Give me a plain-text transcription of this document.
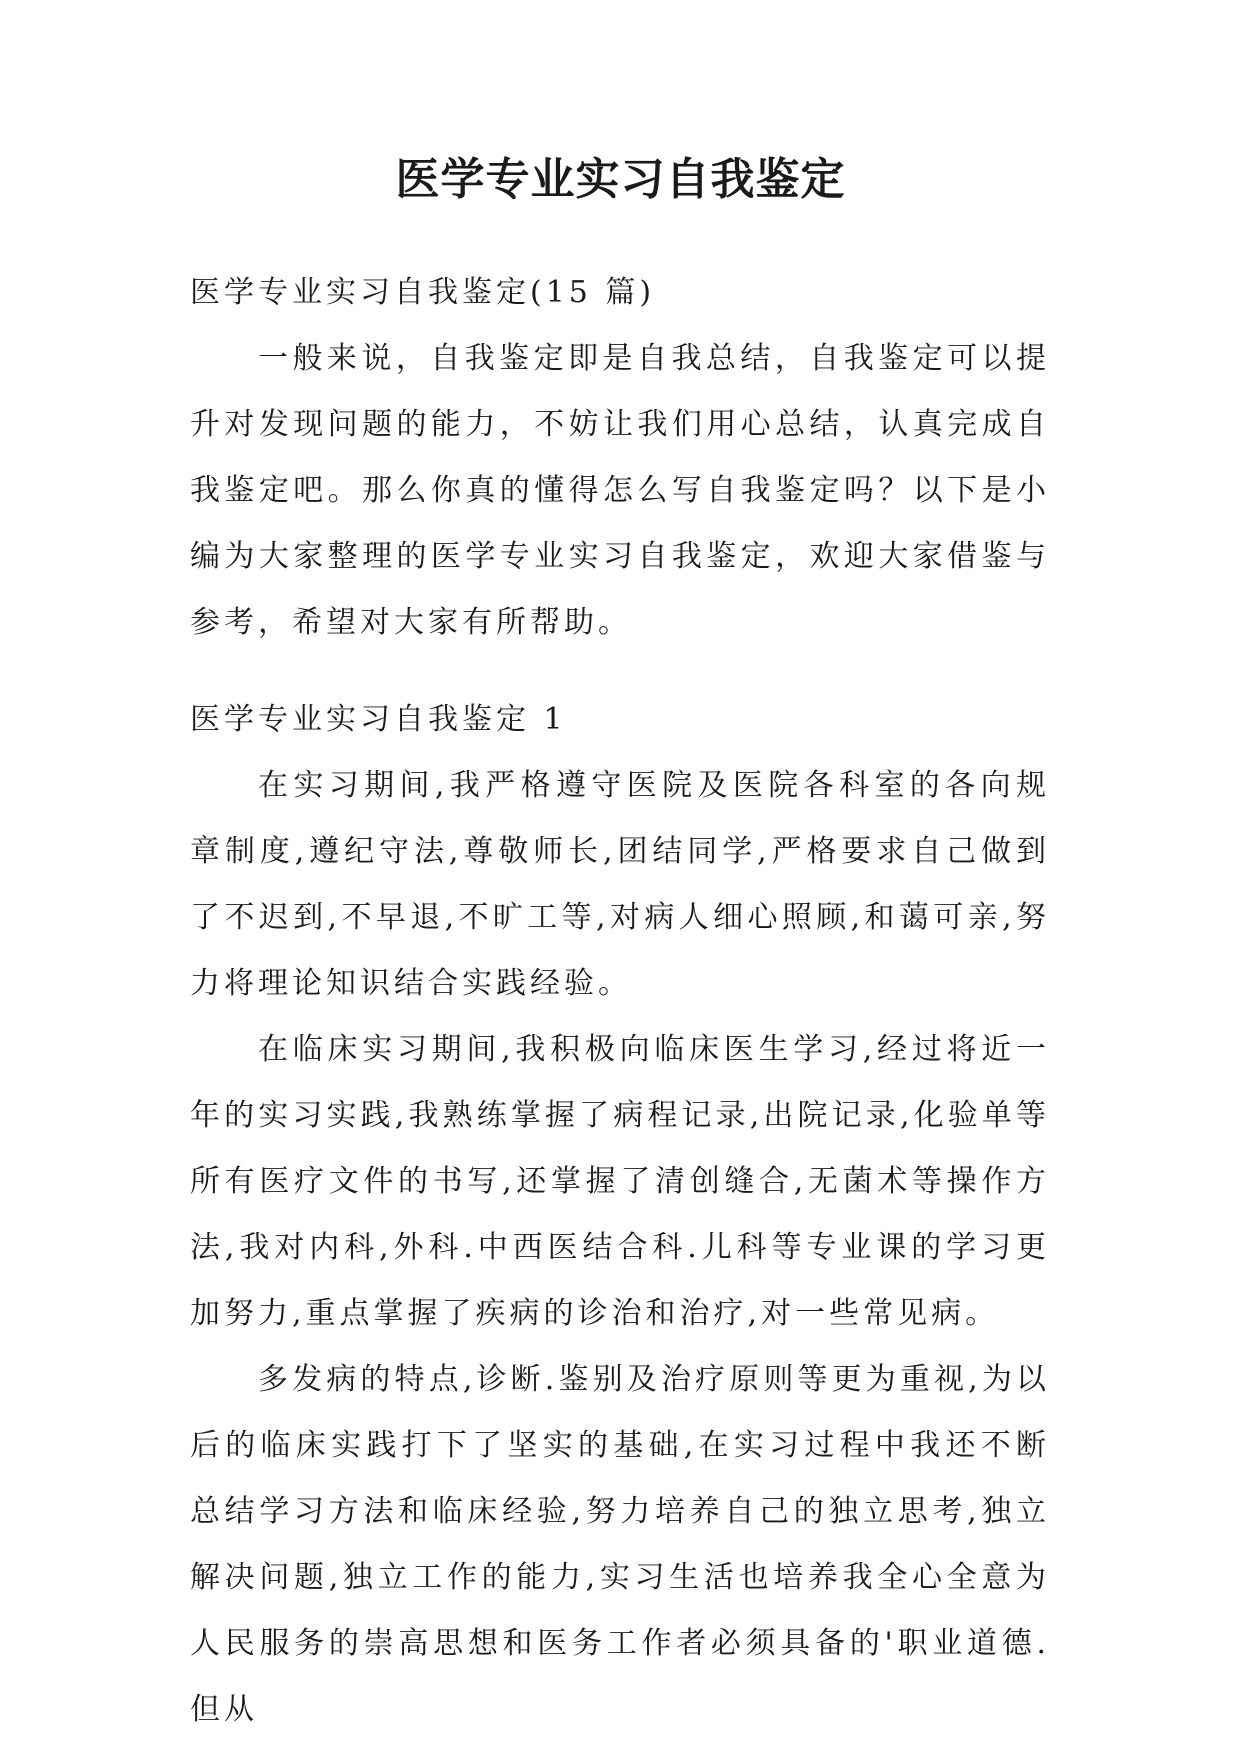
医学专业实习自我鉴定

医学专业实习自我鉴定(15 篇)

一般来说，自我鉴定即是自我总结，自我鉴定可以提升对发现问题的能力，不妨让我们用心总结，认真完成自我鉴定吧。那么你真的懂得怎么写自我鉴定吗？以下是小编为大家整理的医学专业实习自我鉴定，欢迎大家借鉴与参考，希望对大家有所帮助。

医学专业实习自我鉴定 1

在实习期间,我严格遵守医院及医院各科室的各向规章制度,遵纪守法,尊敬师长,团结同学,严格要求自己做到了不迟到,不早退,不旷工等,对病人细心照顾,和蔼可亲,努力将理论知识结合实践经验。

在临床实习期间,我积极向临床医生学习,经过将近一年的实习实践,我熟练掌握了病程记录,出院记录,化验单等所有医疗文件的书写,还掌握了清创缝合,无菌术等操作方法,我对内科,外科.中西医结合科.儿科等专业课的学习更加努力,重点掌握了疾病的诊治和治疗,对一些常见病。

多发病的特点,诊断.鉴别及治疗原则等更为重视,为以后的临床实践打下了坚实的基础,在实习过程中我还不断总结学习方法和临床经验,努力培养自己的独立思考,独立解决问题,独立工作的能力,实习生活也培养我全心全意为人民服务的崇高思想和医务工作者必须具备的'职业道德.但从
